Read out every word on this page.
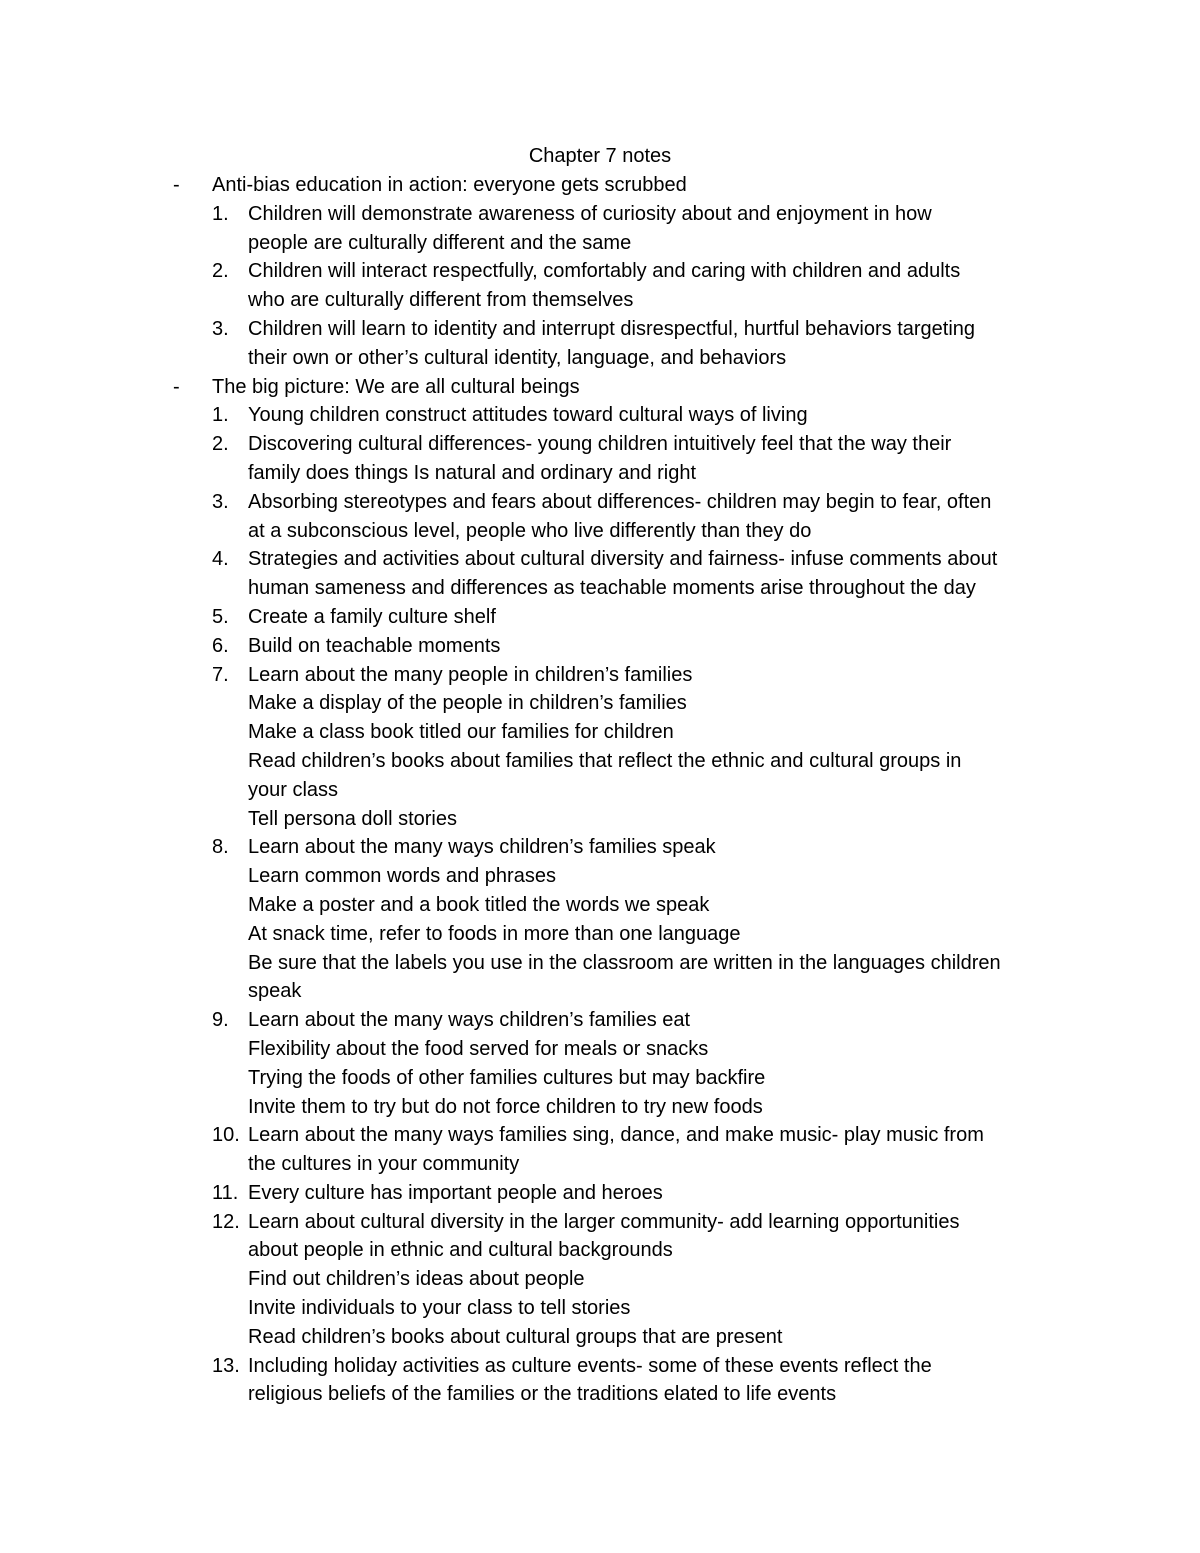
Chapter 7 notes
- Anti-bias education in action: everyone gets scrubbed
1. Children will demonstrate awareness of curiosity about and enjoyment in how
people are culturally different and the same
2. Children will interact respectfully, comfortably and caring with children and adults
who are culturally different from themselves
3. Children will learn to identity and interrupt disrespectful, hurtful behaviors targeting
their own or other’s cultural identity, language, and behaviors
- The big picture: We are all cultural beings
1. Young children construct attitudes toward cultural ways of living
2. Discovering cultural differences- young children intuitively feel that the way their
family does things Is natural and ordinary and right
3. Absorbing stereotypes and fears about differences- children may begin to fear, often
at a subconscious level, people who live differently than they do
4. Strategies and activities about cultural diversity and fairness- infuse comments about
human sameness and differences as teachable moments arise throughout the day
5. Create a family culture shelf
6. Build on teachable moments
7. Learn about the many people in children’s families
Make a display of the people in children’s families
Make a class book titled our families for children
Read children’s books about families that reflect the ethnic and cultural groups in
your class
Tell persona doll stories
8. Learn about the many ways children’s families speak
Learn common words and phrases
Make a poster and a book titled the words we speak
At snack time, refer to foods in more than one language
Be sure that the labels you use in the classroom are written in the languages children
speak
9. Learn about the many ways children’s families eat
Flexibility about the food served for meals or snacks
Trying the foods of other families cultures but may backfire
Invite them to try but do not force children to try new foods
10. Learn about the many ways families sing, dance, and make music- play music from
the cultures in your community
11. Every culture has important people and heroes
12. Learn about cultural diversity in the larger community- add learning opportunities
about people in ethnic and cultural backgrounds
Find out children’s ideas about people
Invite individuals to your class to tell stories
Read children’s books about cultural groups that are present
13. Including holiday activities as culture events- some of these events reflect the
religious beliefs of the families or the traditions elated to life events
